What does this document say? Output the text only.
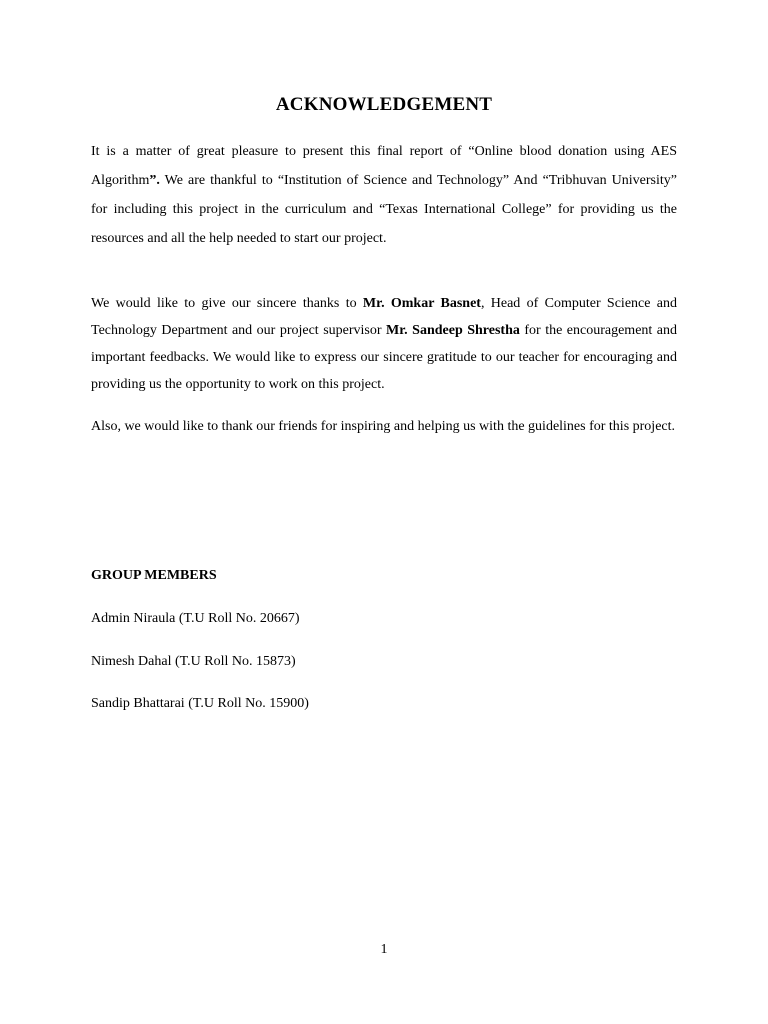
ACKNOWLEDGEMENT

It is a matter of great pleasure to present this final report of “Online blood donation using AES Algorithm”. We are thankful to “Institution of Science and Technology” And “Tribhuvan University” for including this project in the curriculum and “Texas International College” for providing us the resources and all the help needed to start our project.

We would like to give our sincere thanks to Mr. Omkar Basnet, Head of Computer Science and Technology Department and our project supervisor Mr. Sandeep Shrestha for the encouragement and important feedbacks. We would like to express our sincere gratitude to our teacher for encouraging and providing us the opportunity to work on this project.

Also, we would like to thank our friends for inspiring and helping us with the guidelines for this project.

GROUP MEMBERS
Admin Niraula (T.U Roll No. 20667)
Nimesh Dahal (T.U Roll No. 15873)
Sandip Bhattarai (T.U Roll No. 15900)
1
